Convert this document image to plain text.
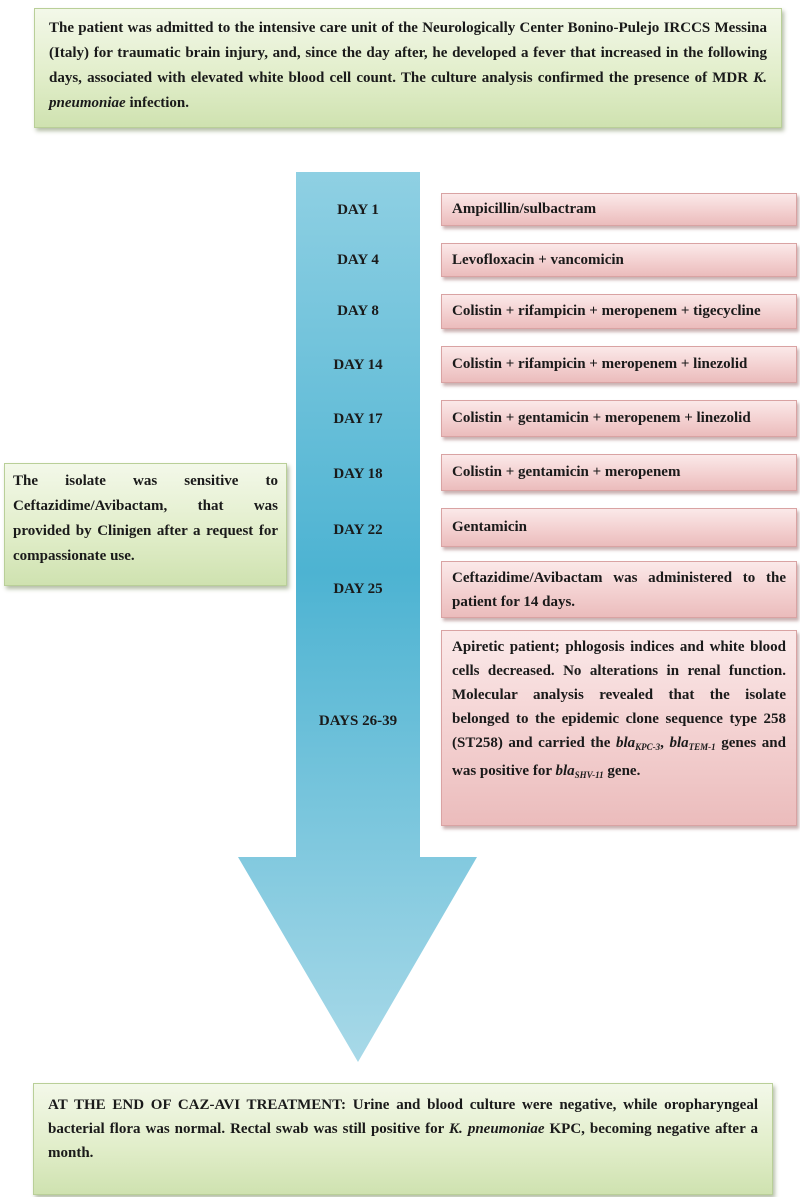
The patient was admitted to the intensive care unit of the Neurologically Center Bonino-Pulejo IRCCS Messina (Italy) for traumatic brain injury, and, since the day after, he developed a fever that increased in the following days, associated with elevated white blood cell count. The culture analysis confirmed the presence of MDR K. pneumoniae infection.
The isolate was sensitive to Ceftazidime/Avibactam, that was provided by Clinigen after a request for compassionate use.
DAY 1
DAY 4
DAY 8
DAY 14
DAY 17
DAY 18
DAY 22
DAY 25
DAYS 26-39
Ampicillin/sulbactram
Levofloxacin + vancomicin
Colistin + rifampicin + meropenem + tigecycline
Colistin + rifampicin + meropenem + linezolid
Colistin + gentamicin + meropenem + linezolid
Colistin + gentamicin + meropenem
Gentamicin
Ceftazidime/Avibactam was administered to the patient for 14 days.
Apiretic patient; phlogosis indices and white blood cells decreased. No alterations in renal function. Molecular analysis revealed that the isolate belonged to the epidemic clone sequence type 258 (ST258) and carried the bla$_{KPC-3}$, bla$_{TEM-1}$ genes and was positive for bla$_{SHV-11}$ gene.
AT THE END OF CAZ-AVI TREATMENT: Urine and blood culture were negative, while oropharyngeal bacterial flora was normal. Rectal swab was still positive for K. pneumoniae KPC, becoming negative after a month.
